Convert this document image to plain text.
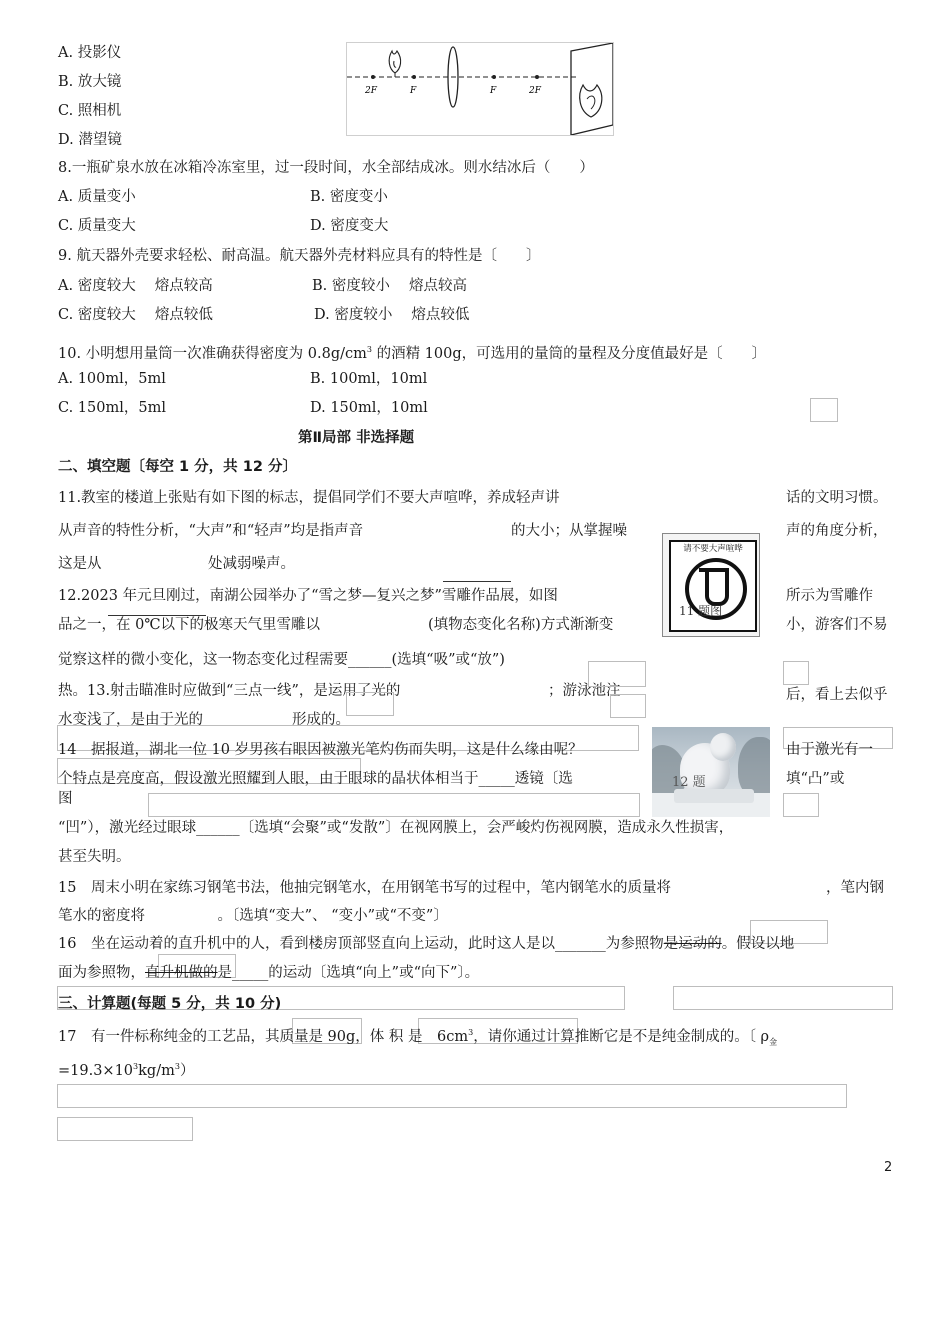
A. 投影仪
B. 放大镜
C. 照相机
D. 潜望镜
2F	F	F	2F
8.一瓶矿泉水放在冰箱冷冻室里，过一段时间，水全部结成冰。则水结冰后（　　）
A. 质量变小	B. 密度变小
C. 质量变大	D. 密度变大
9. 航天器外壳要求轻松、耐高温。航天器外壳材料应具有的特性是〔　　〕
A. 密度较大　 熔点较高	B. 密度较小　 熔点较高
C. 密度较大　 熔点较低	D. 密度较小　 熔点较低
10. 小明想用量筒一次准确获得密度为 $0.8g/cm^3$ 的酒精 100g，可选用的量筒的量程及分度值最好是〔　　〕
A. 100ml，5ml	B. 100ml，10ml
C. 150ml，5ml	D. 150ml，10ml
第Ⅱ局部 非选择题
二、填空题〔每空 1 分，共 12 分〕
11.教室的楼道上张贴有如下图的标志，提倡同学们不要大声喧哗，养成轻声讲	话的文明习惯。
从声音的特性分析，“大声”和“轻声”均是指声音	的大小；从掌握噪	声的角度分析，
这是从	处减弱噪声。
请不要大声喧哗
11 题图
12.2023 年元旦刚过，南湖公园举办了“雪之梦—复兴之梦”雪雕作品展，如图	所示为雪雕作
品之一，在 0℃以下的极寒天气里雪雕以	(填物态变化名称)方式渐渐变	小，游客们不易
觉察这样的微小变化，这一物态变化过程需要______(选填“吸”或“放”)
热。13.射击瞄准时应做到“三点一线”，是运用了光的	；游泳池注	后，看上去似乎
水变浅了，是由于光的	形成的。
14　据报道，湖北一位 10 岁男孩右眼因被激光笔灼伤而失明，这是什么缘由呢？	由于激光有一
个特点是亮度高，假设激光照耀到人眼，由于眼球的晶状体相当于_____透镜〔选	填“凸”或
图
12 题
“凹”），激光经过眼球______〔选填“会聚”或“发散”〕在视网膜上，会严峻灼伤视网膜，造成永久性损害，
甚至失明。
15　周末小明在家练习钢笔书法，他抽完钢笔水，在用钢笔书写的过程中，笔内钢笔水的质量将	，笔内钢
笔水的密度将　　　　　。〔选填“变大”、 “变小”或“不变”〕
16　坐在运动着的直升机中的人，看到楼房顶部竖直向上运动，此时这人是以_______为参照物是运动的。假设以地
面为参照物，直升机做的是_____的运动〔选填“向上”或“向下”〕。
三、计算题(每题 5 分，共 10 分)
17　有一件标称纯金的工艺品，其质量是 90g，体 积 是　$6cm^3$，请你通过计算推断它是不是纯金制成的。〔 $\rho_金$
$=19.3\times 10^3kg/m^3$）
2
